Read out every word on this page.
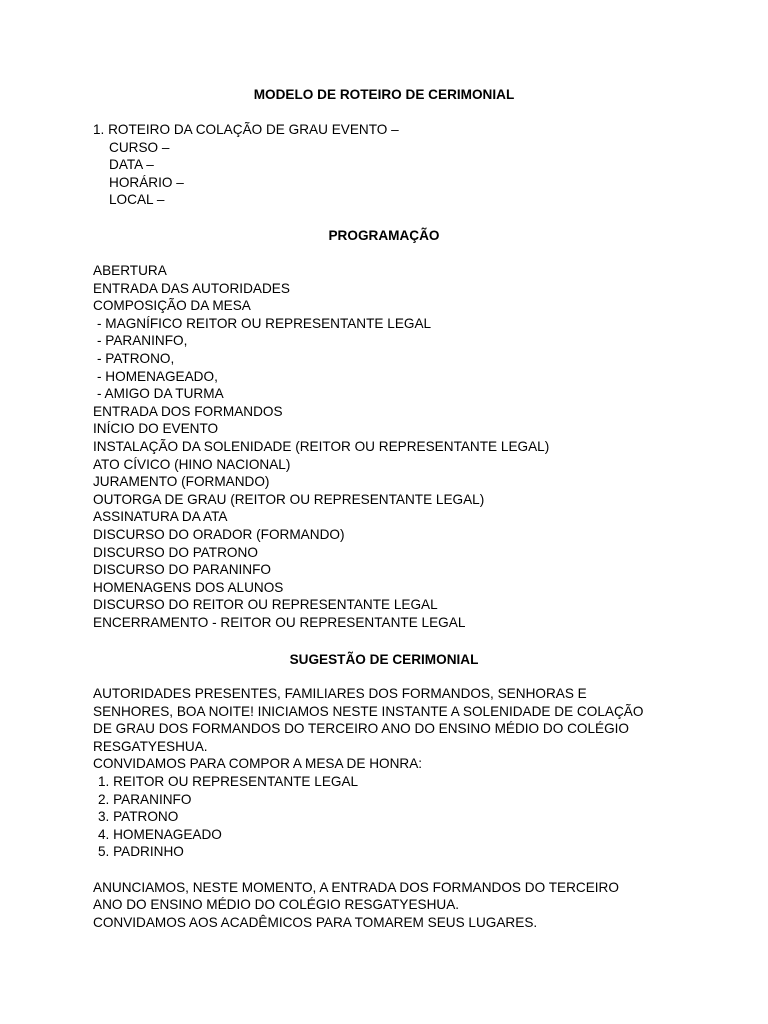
MODELO DE ROTEIRO DE CERIMONIAL
1. ROTEIRO DA COLAÇÃO DE GRAU EVENTO –
CURSO –
DATA –
HORÁRIO –
LOCAL –
PROGRAMAÇÃO
ABERTURA
ENTRADA DAS AUTORIDADES
COMPOSIÇÃO DA MESA
- MAGNÍFICO REITOR OU REPRESENTANTE LEGAL
- PARANINFO,
- PATRONO,
- HOMENAGEADO,
- AMIGO DA TURMA
ENTRADA DOS FORMANDOS
INÍCIO DO EVENTO
INSTALAÇÃO DA SOLENIDADE (REITOR OU REPRESENTANTE LEGAL)
ATO CÍVICO (HINO NACIONAL)
JURAMENTO (FORMANDO)
OUTORGA DE GRAU (REITOR OU REPRESENTANTE LEGAL)
ASSINATURA DA ATA
DISCURSO DO ORADOR (FORMANDO)
DISCURSO DO PATRONO
DISCURSO DO PARANINFO
HOMENAGENS DOS ALUNOS
DISCURSO DO REITOR OU REPRESENTANTE LEGAL
ENCERRAMENTO - REITOR OU REPRESENTANTE LEGAL
SUGESTÃO DE CERIMONIAL
AUTORIDADES PRESENTES, FAMILIARES DOS FORMANDOS, SENHORAS E
SENHORES, BOA NOITE! INICIAMOS NESTE INSTANTE A SOLENIDADE DE COLAÇÃO
DE GRAU DOS FORMANDOS DO TERCEIRO ANO DO ENSINO MÉDIO DO COLÉGIO
RESGATYESHUA.
CONVIDAMOS PARA COMPOR A MESA DE HONRA:
1. REITOR OU REPRESENTANTE LEGAL
2. PARANINFO
3. PATRONO
4. HOMENAGEADO
5. PADRINHO
ANUNCIAMOS, NESTE MOMENTO, A ENTRADA DOS FORMANDOS DO TERCEIRO
ANO DO ENSINO MÉDIO DO COLÉGIO RESGATYESHUA.
CONVIDAMOS AOS ACADÊMICOS PARA TOMAREM SEUS LUGARES.
